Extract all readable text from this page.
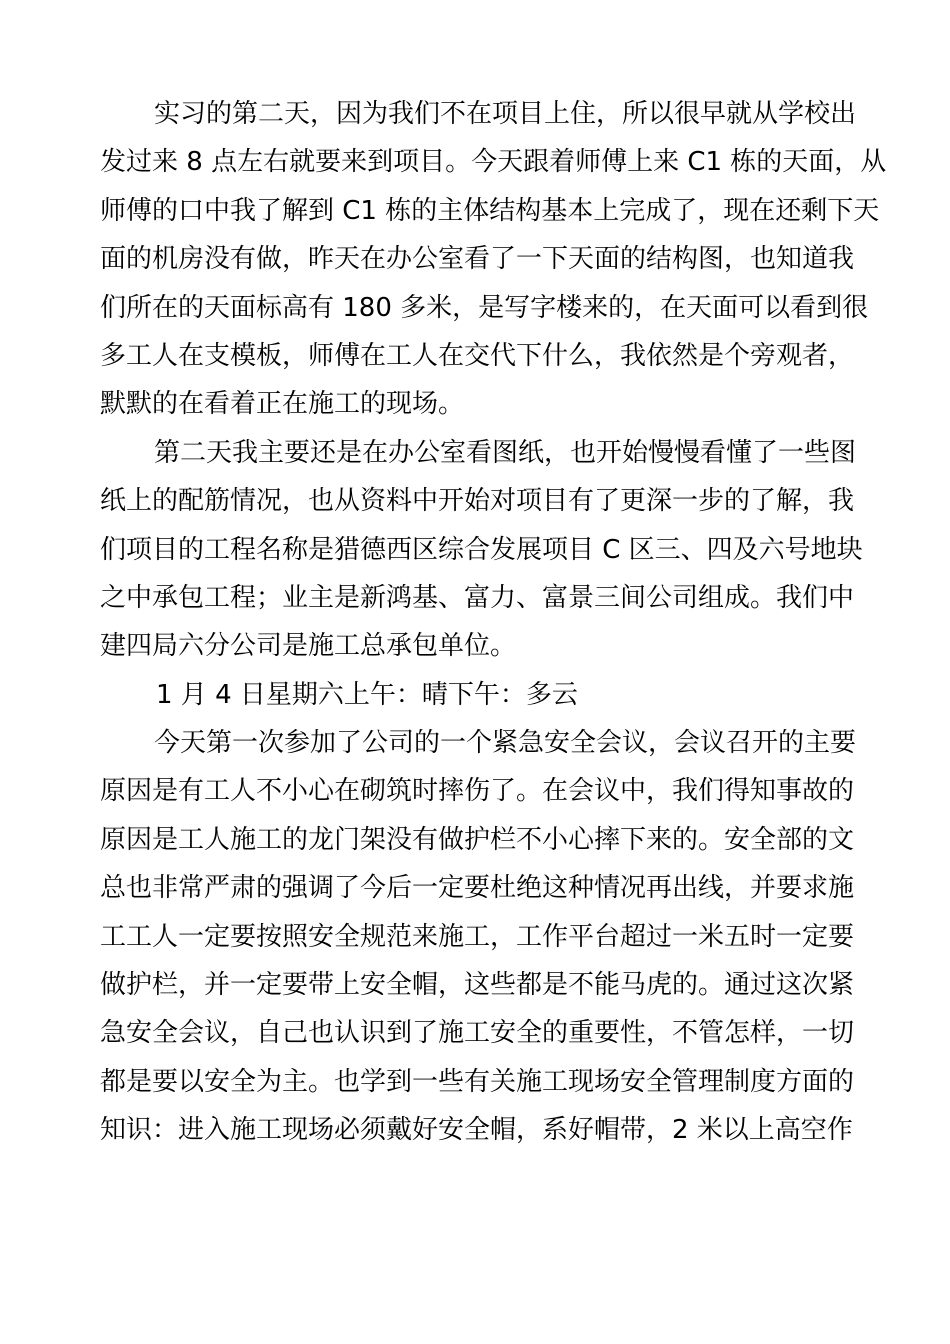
实习的第二天，因为我们不在项目上住，所以很早就从学校出
发过来 8 点左右就要来到项目。今天跟着师傅上来 C1 栋的天面，从
师傅的口中我了解到 C1 栋的主体结构基本上完成了，现在还剩下天
面的机房没有做，昨天在办公室看了一下天面的结构图，也知道我
们所在的天面标高有 180 多米，是写字楼来的，在天面可以看到很
多工人在支模板，师傅在工人在交代下什么，我依然是个旁观者，
默默的在看着正在施工的现场。
第二天我主要还是在办公室看图纸，也开始慢慢看懂了一些图
纸上的配筋情况，也从资料中开始对项目有了更深一步的了解，我
们项目的工程名称是猎德西区综合发展项目 C 区三、四及六号地块
之中承包工程；业主是新鸿基、富力、富景三间公司组成。我们中
建四局六分公司是施工总承包单位。
1 月 4 日星期六上午：晴下午：多云
今天第一次参加了公司的一个紧急安全会议，会议召开的主要
原因是有工人不小心在砌筑时摔伤了。在会议中，我们得知事故的
原因是工人施工的龙门架没有做护栏不小心摔下来的。安全部的文
总也非常严肃的强调了今后一定要杜绝这种情况再出线，并要求施
工工人一定要按照安全规范来施工，工作平台超过一米五时一定要
做护栏，并一定要带上安全帽，这些都是不能马虎的。通过这次紧
急安全会议，自己也认识到了施工安全的重要性，不管怎样，一切
都是要以安全为主。也学到一些有关施工现场安全管理制度方面的
知识：进入施工现场必须戴好安全帽，系好帽带，2 米以上高空作
